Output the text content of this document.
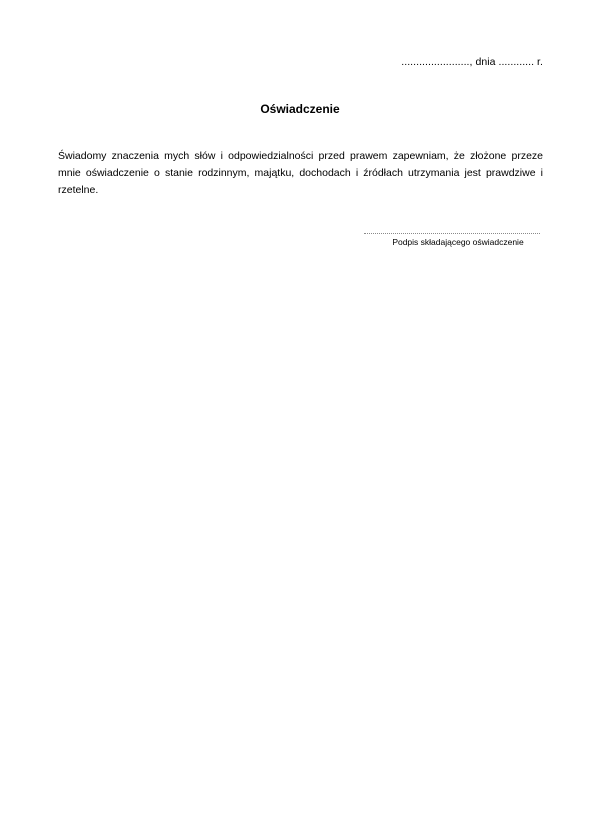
......................., dnia ............ r.
Oświadczenie
Świadomy znaczenia mych słów i odpowiedzialności przed prawem zapewniam, że złożone przeze mnie oświadczenie o stanie rodzinnym, majątku, dochodach i źródłach utrzymania jest prawdziwe i rzetelne.
Podpis składającego oświadczenie
